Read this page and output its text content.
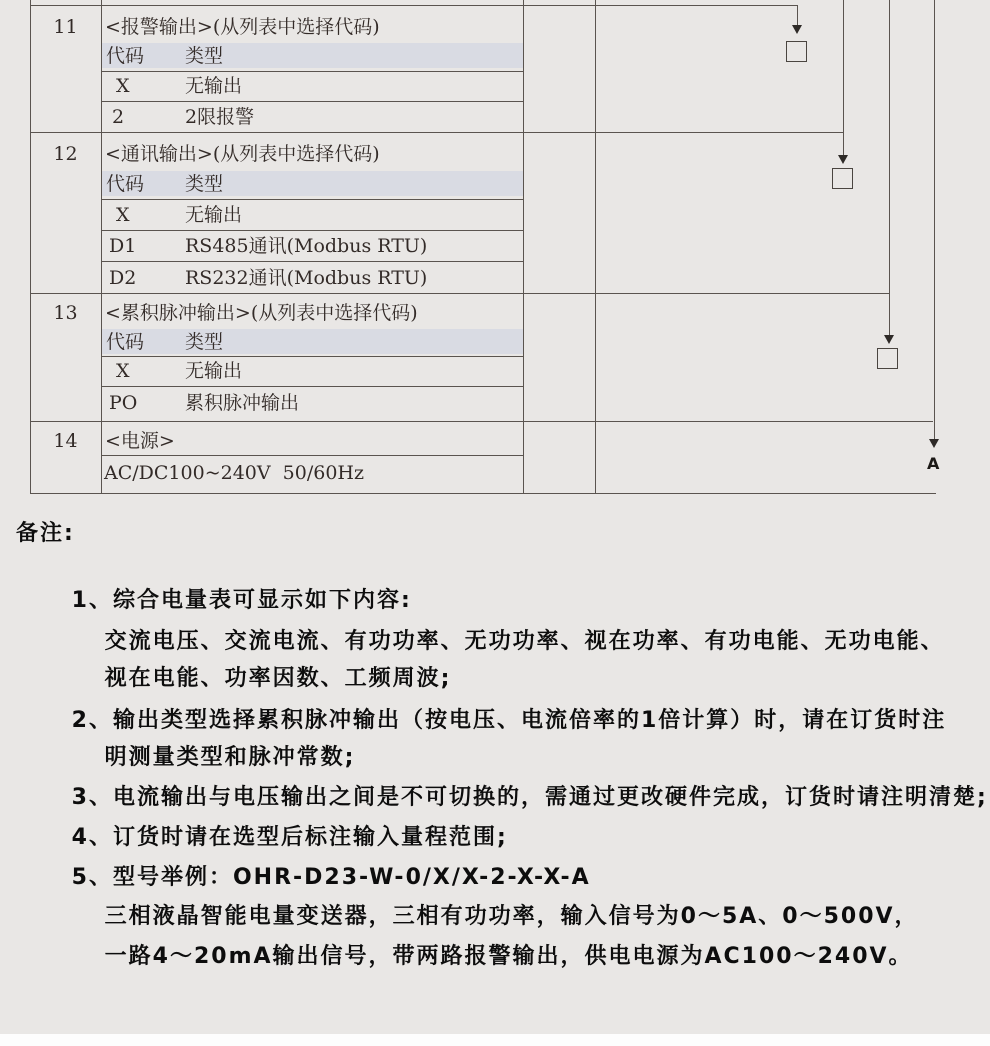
11	<报警输出>(从列表中选择代码)
代码 类型
X	无输出
2	2限报警
12	<通讯输出>(从列表中选择代码)
代码 类型
X	无输出
D1	RS485通讯(Modbus RTU)
D2	RS232通讯(Modbus RTU)
13	<累积脉冲输出>(从列表中选择代码)
代码 类型
X	无输出
PO	累积脉冲输出
14	<电源>
AC/DC100~240V  50/60Hz	A
备注:

1、综合电量表可显示如下内容:

交流电压、交流电流、有功功率、无功功率、视在功率、有功电能、无功电能、

视在电能、功率因数、工频周波;

2、输出类型选择累积脉冲输出（按电压、电流倍率的1倍计算）时，请在订货时注

明测量类型和脉冲常数;

3、电流输出与电压输出之间是不可切换的，需通过更改硬件完成，订货时请注明清楚;

4、订货时请在选型后标注输入量程范围;

5、型号举例：OHR-D23-W-0/X/X-2-X-X-A

三相液晶智能电量变送器，三相有功功率，输入信号为0～5A、0～500V，

一路4～20mA输出信号，带两路报警输出，供电电源为AC100～240V。
